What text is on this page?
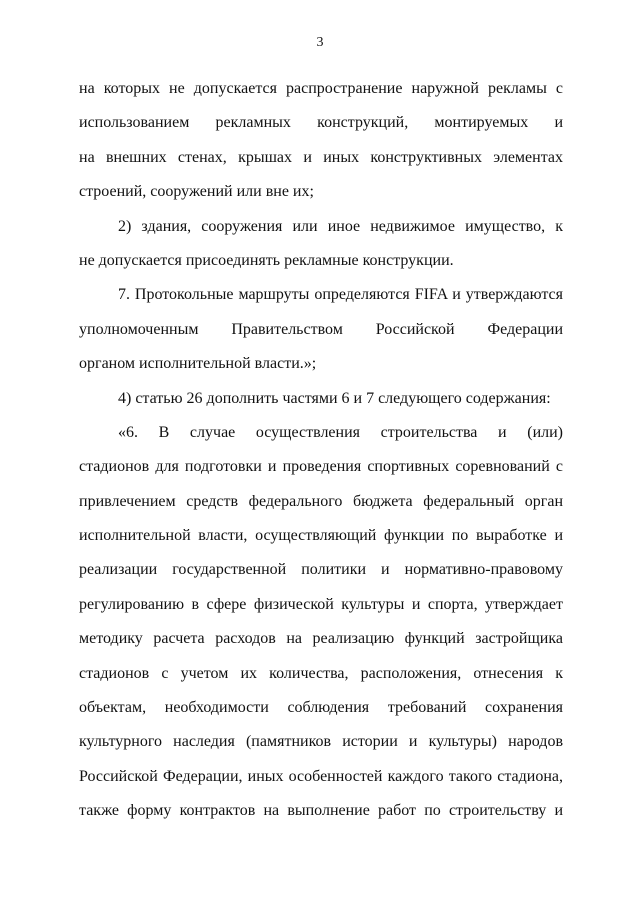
3
на которых не допускается распространение наружной рекламы с
использованием рекламных конструкций, монтируемых и
на внешних стенах, крышах и иных конструктивных элементах
строений, сооружений или вне их;
2) здания, сооружения или иное недвижимое имущество, к
не допускается присоединять рекламные конструкции.
7. Протокольные маршруты определяются FIFA и утверждаются
уполномоченным Правительством Российской Федерации
органом исполнительной власти.»;
4) статью 26 дополнить частями 6 и 7 следующего содержания:
«6. В случае осуществления строительства и (или)
стадионов для подготовки и проведения спортивных соревнований с
привлечением средств федерального бюджета федеральный орган
исполнительной власти, осуществляющий функции по выработке и
реализации государственной политики и нормативно-правовому
регулированию в сфере физической культуры и спорта, утверждает
методику расчета расходов на реализацию функций застройщика
стадионов с учетом их количества, расположения, отнесения к
объектам, необходимости соблюдения требований сохранения
культурного наследия (памятников истории и культуры) народов
Российской Федерации, иных особенностей каждого такого стадиона,
также форму контрактов на выполнение работ по строительству и
